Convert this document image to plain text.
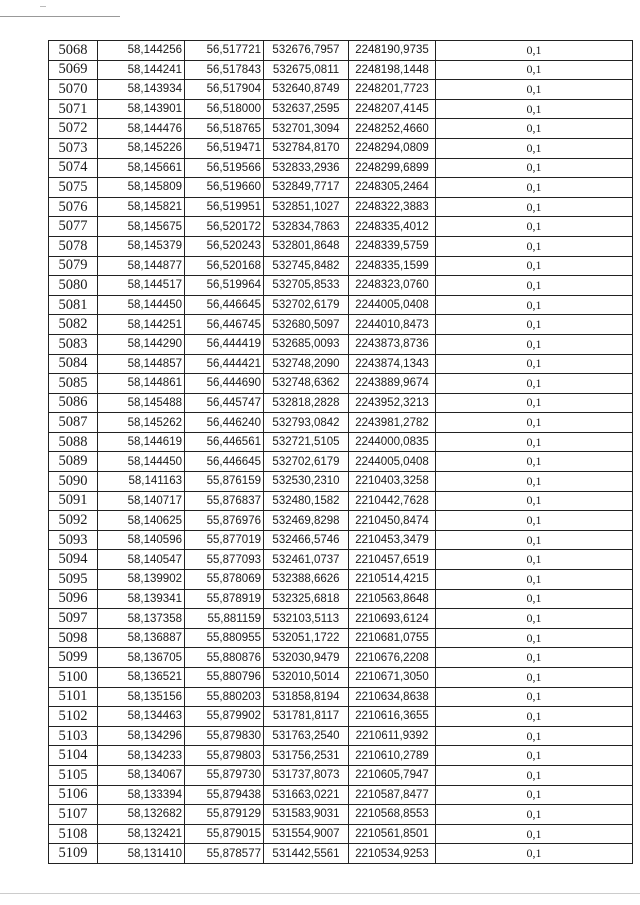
5068	58,144256	56,517721	532676,7957	2248190,9735	0,1
5069	58,144241	56,517843	532675,0811	2248198,1448	0,1
5070	58,143934	56,517904	532640,8749	2248201,7723	0,1
5071	58,143901	56,518000	532637,2595	2248207,4145	0,1
5072	58,144476	56,518765	532701,3094	2248252,4660	0,1
5073	58,145226	56,519471	532784,8170	2248294,0809	0,1
5074	58,145661	56,519566	532833,2936	2248299,6899	0,1
5075	58,145809	56,519660	532849,7717	2248305,2464	0,1
5076	58,145821	56,519951	532851,1027	2248322,3883	0,1
5077	58,145675	56,520172	532834,7863	2248335,4012	0,1
5078	58,145379	56,520243	532801,8648	2248339,5759	0,1
5079	58,144877	56,520168	532745,8482	2248335,1599	0,1
5080	58,144517	56,519964	532705,8533	2248323,0760	0,1
5081	58,144450	56,446645	532702,6179	2244005,0408	0,1
5082	58,144251	56,446745	532680,5097	2244010,8473	0,1
5083	58,144290	56,444419	532685,0093	2243873,8736	0,1
5084	58,144857	56,444421	532748,2090	2243874,1343	0,1
5085	58,144861	56,444690	532748,6362	2243889,9674	0,1
5086	58,145488	56,445747	532818,2828	2243952,3213	0,1
5087	58,145262	56,446240	532793,0842	2243981,2782	0,1
5088	58,144619	56,446561	532721,5105	2244000,0835	0,1
5089	58,144450	56,446645	532702,6179	2244005,0408	0,1
5090	58,141163	55,876159	532530,2310	2210403,3258	0,1
5091	58,140717	55,876837	532480,1582	2210442,7628	0,1
5092	58,140625	55,876976	532469,8298	2210450,8474	0,1
5093	58,140596	55,877019	532466,5746	2210453,3479	0,1
5094	58,140547	55,877093	532461,0737	2210457,6519	0,1
5095	58,139902	55,878069	532388,6626	2210514,4215	0,1
5096	58,139341	55,878919	532325,6818	2210563,8648	0,1
5097	58,137358	55,881159	532103,5113	2210693,6124	0,1
5098	58,136887	55,880955	532051,1722	2210681,0755	0,1
5099	58,136705	55,880876	532030,9479	2210676,2208	0,1
5100	58,136521	55,880796	532010,5014	2210671,3050	0,1
5101	58,135156	55,880203	531858,8194	2210634,8638	0,1
5102	58,134463	55,879902	531781,8117	2210616,3655	0,1
5103	58,134296	55,879830	531763,2540	2210611,9392	0,1
5104	58,134233	55,879803	531756,2531	2210610,2789	0,1
5105	58,134067	55,879730	531737,8073	2210605,7947	0,1
5106	58,133394	55,879438	531663,0221	2210587,8477	0,1
5107	58,132682	55,879129	531583,9031	2210568,8553	0,1
5108	58,132421	55,879015	531554,9007	2210561,8501	0,1
5109	58,131410	55,878577	531442,5561	2210534,9253	0,1
